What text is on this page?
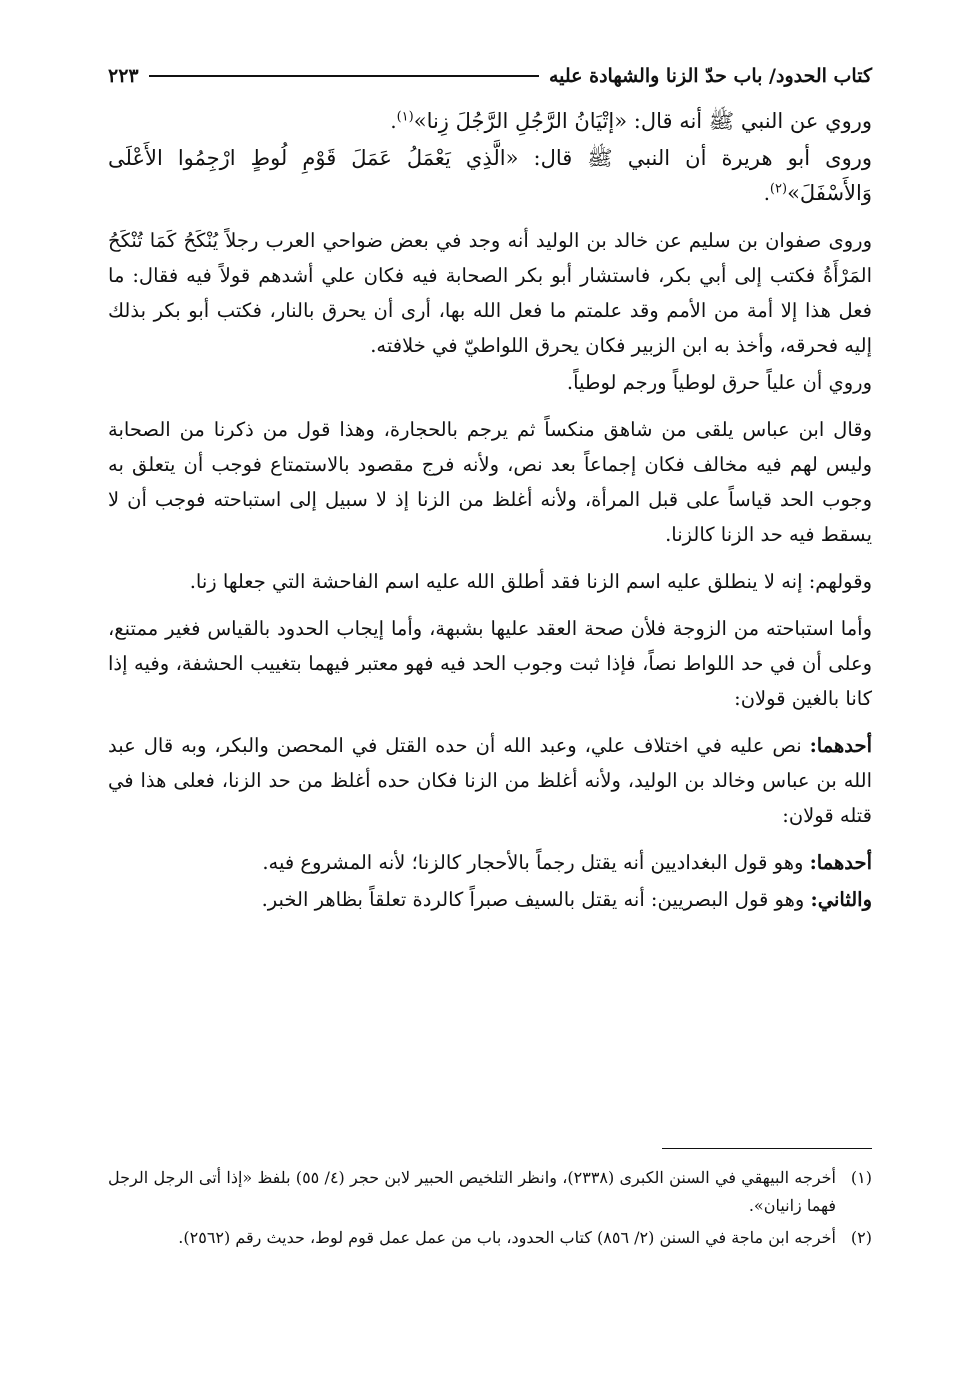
كتاب الحدود/ باب حدّ الزنا والشهادة عليه
٢٢٣

وروي عن النبي ﷺ أنه قال: «إتْيَانُ الرَّجُلِ الرَّجُلَ زِنا»$^{(١)}$.

وروى أبو هريرة أن النبي ﷺ قال: «الَّذِي يَعْمَلُ عَمَلَ قَوْمِ لُوطٍ ارْجِمُوا الأَعْلَى وَالأَسْفَلَ»$^{(٢)}$.

وروى صفوان بن سليم عن خالد بن الوليد أنه وجد في بعض ضواحي العرب رجلاً يُنْكَحُ كَمَا تُنْكَحُ المَرْأَةُ فكتب إلى أبي بكر، فاستشار أبو بكر الصحابة فيه فكان علي أشدهم قولاً فيه فقال: ما فعل هذا إلا أمة من الأمم وقد علمتم ما فعل الله بها، أرى أن يحرق بالنار، فكتب أبو بكر بذلك إليه فحرقه، وأخذ به ابن الزبير فكان يحرق اللواطيّ في خلافته.

وروي أن علياً حرق لوطياً ورجم لوطياً.

وقال ابن عباس يلقى من شاهق منكساً ثم يرجم بالحجارة، وهذا قول من ذكرنا من الصحابة وليس لهم فيه مخالف فكان إجماعاً بعد نص، ولأنه فرج مقصود بالاستمتاع فوجب أن يتعلق به وجوب الحد قياساً على قبل المرأة، ولأنه أغلظ من الزنا إذ لا سبيل إلى استباحته فوجب أن لا يسقط فيه حد الزنا كالزنا.

وقولهم: إنه لا ينطلق عليه اسم الزنا فقد أطلق الله عليه اسم الفاحشة التي جعلها زنا.

وأما استباحته من الزوجة فلأن صحة العقد عليها بشبهة، وأما إيجاب الحدود بالقياس فغير ممتنع، وعلى أن في حد اللواط نصاً، فإذا ثبت وجوب الحد فيه فهو معتبر فيهما بتغييب الحشفة، وفيه إذا كانا بالغين قولان:

أحدهما: نص عليه في اختلاف علي، وعبد الله أن حده القتل في المحصن والبكر، وبه قال عبد الله بن عباس وخالد بن الوليد، ولأنه أغلظ من الزنا فكان حده أغلظ من حد الزنا، فعلى هذا في قتله قولان:

أحدهما: وهو قول البغداديين أنه يقتل رجماً بالأحجار كالزنا؛ لأنه المشروع فيه.

والثاني: وهو قول البصريين: أنه يقتل بالسيف صبراً كالردة تعلقاً بظاهر الخبر.

(١)
أخرجه البيهقي في السنن الكبرى (٢٣٣٨)، وانظر التلخيص الحبير لابن حجر (٤/ ٥٥) بلفظ «إذا أتى الرجل الرجل فهما زانيان».
(٢)
أخرجه ابن ماجة في السنن (٢/ ٨٥٦) كتاب الحدود، باب من عمل عمل قوم لوط، حديث رقم (٢٥٦٢).
